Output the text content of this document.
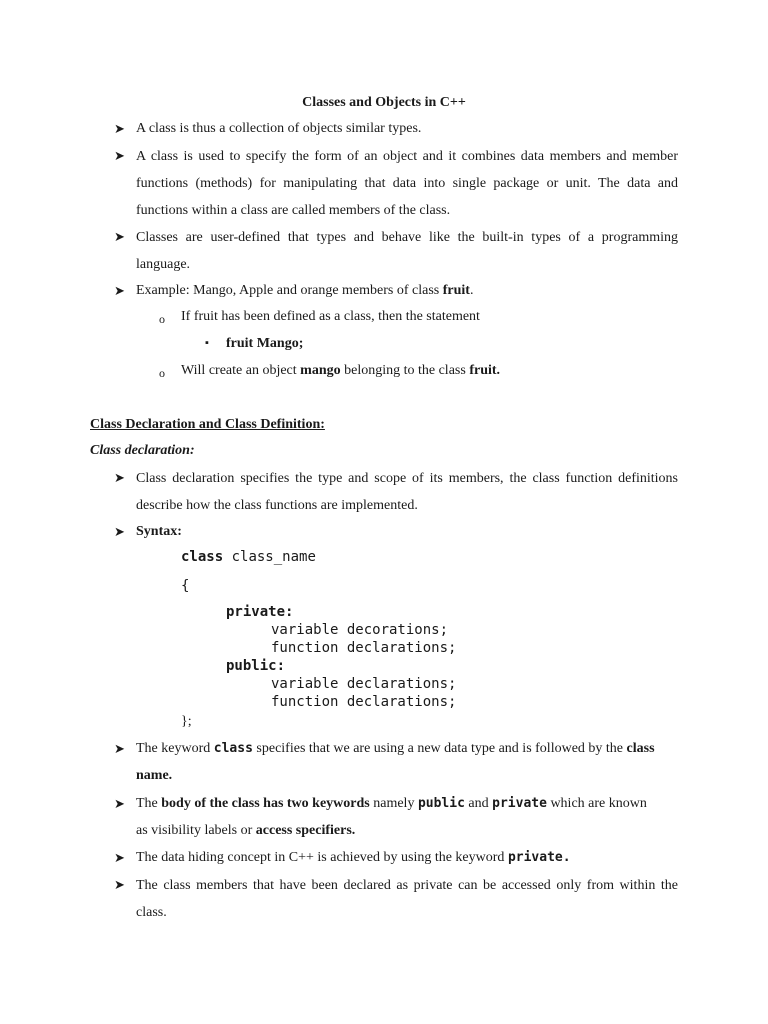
Classes and Objects in C++
➤ A class is thus a collection of objects similar types.
➤ A class is used to specify the form of an object and it combines data members and member functions (methods) for manipulating that data into single package or unit. The data and functions within a class are called members of the class.
➤ Classes are user-defined that types and behave like the built-in types of a programming language.
➤ Example: Mango, Apple and orange members of class fruit.
o If fruit has been defined as a class, then the statement
▪ fruit Mango;
o Will create an object mango belonging to the class fruit.
Class Declaration and Class Definition:
Class declaration:
➤ Class declaration specifies the type and scope of its members, the class function definitions describe how the class functions are implemented.
➤ Syntax:
class class_name
{
private:
variable decorations;
function declarations;
public:
variable declarations;
function declarations;
};
➤ The keyword class specifies that we are using a new data type and is followed by the class
name.
➤ The body of the class has two keywords namely public and private which are known
as visibility labels or access specifiers.
➤ The data hiding concept in C++ is achieved by using the keyword private.
➤ The class members that have been declared as private can be accessed only from within the class.
